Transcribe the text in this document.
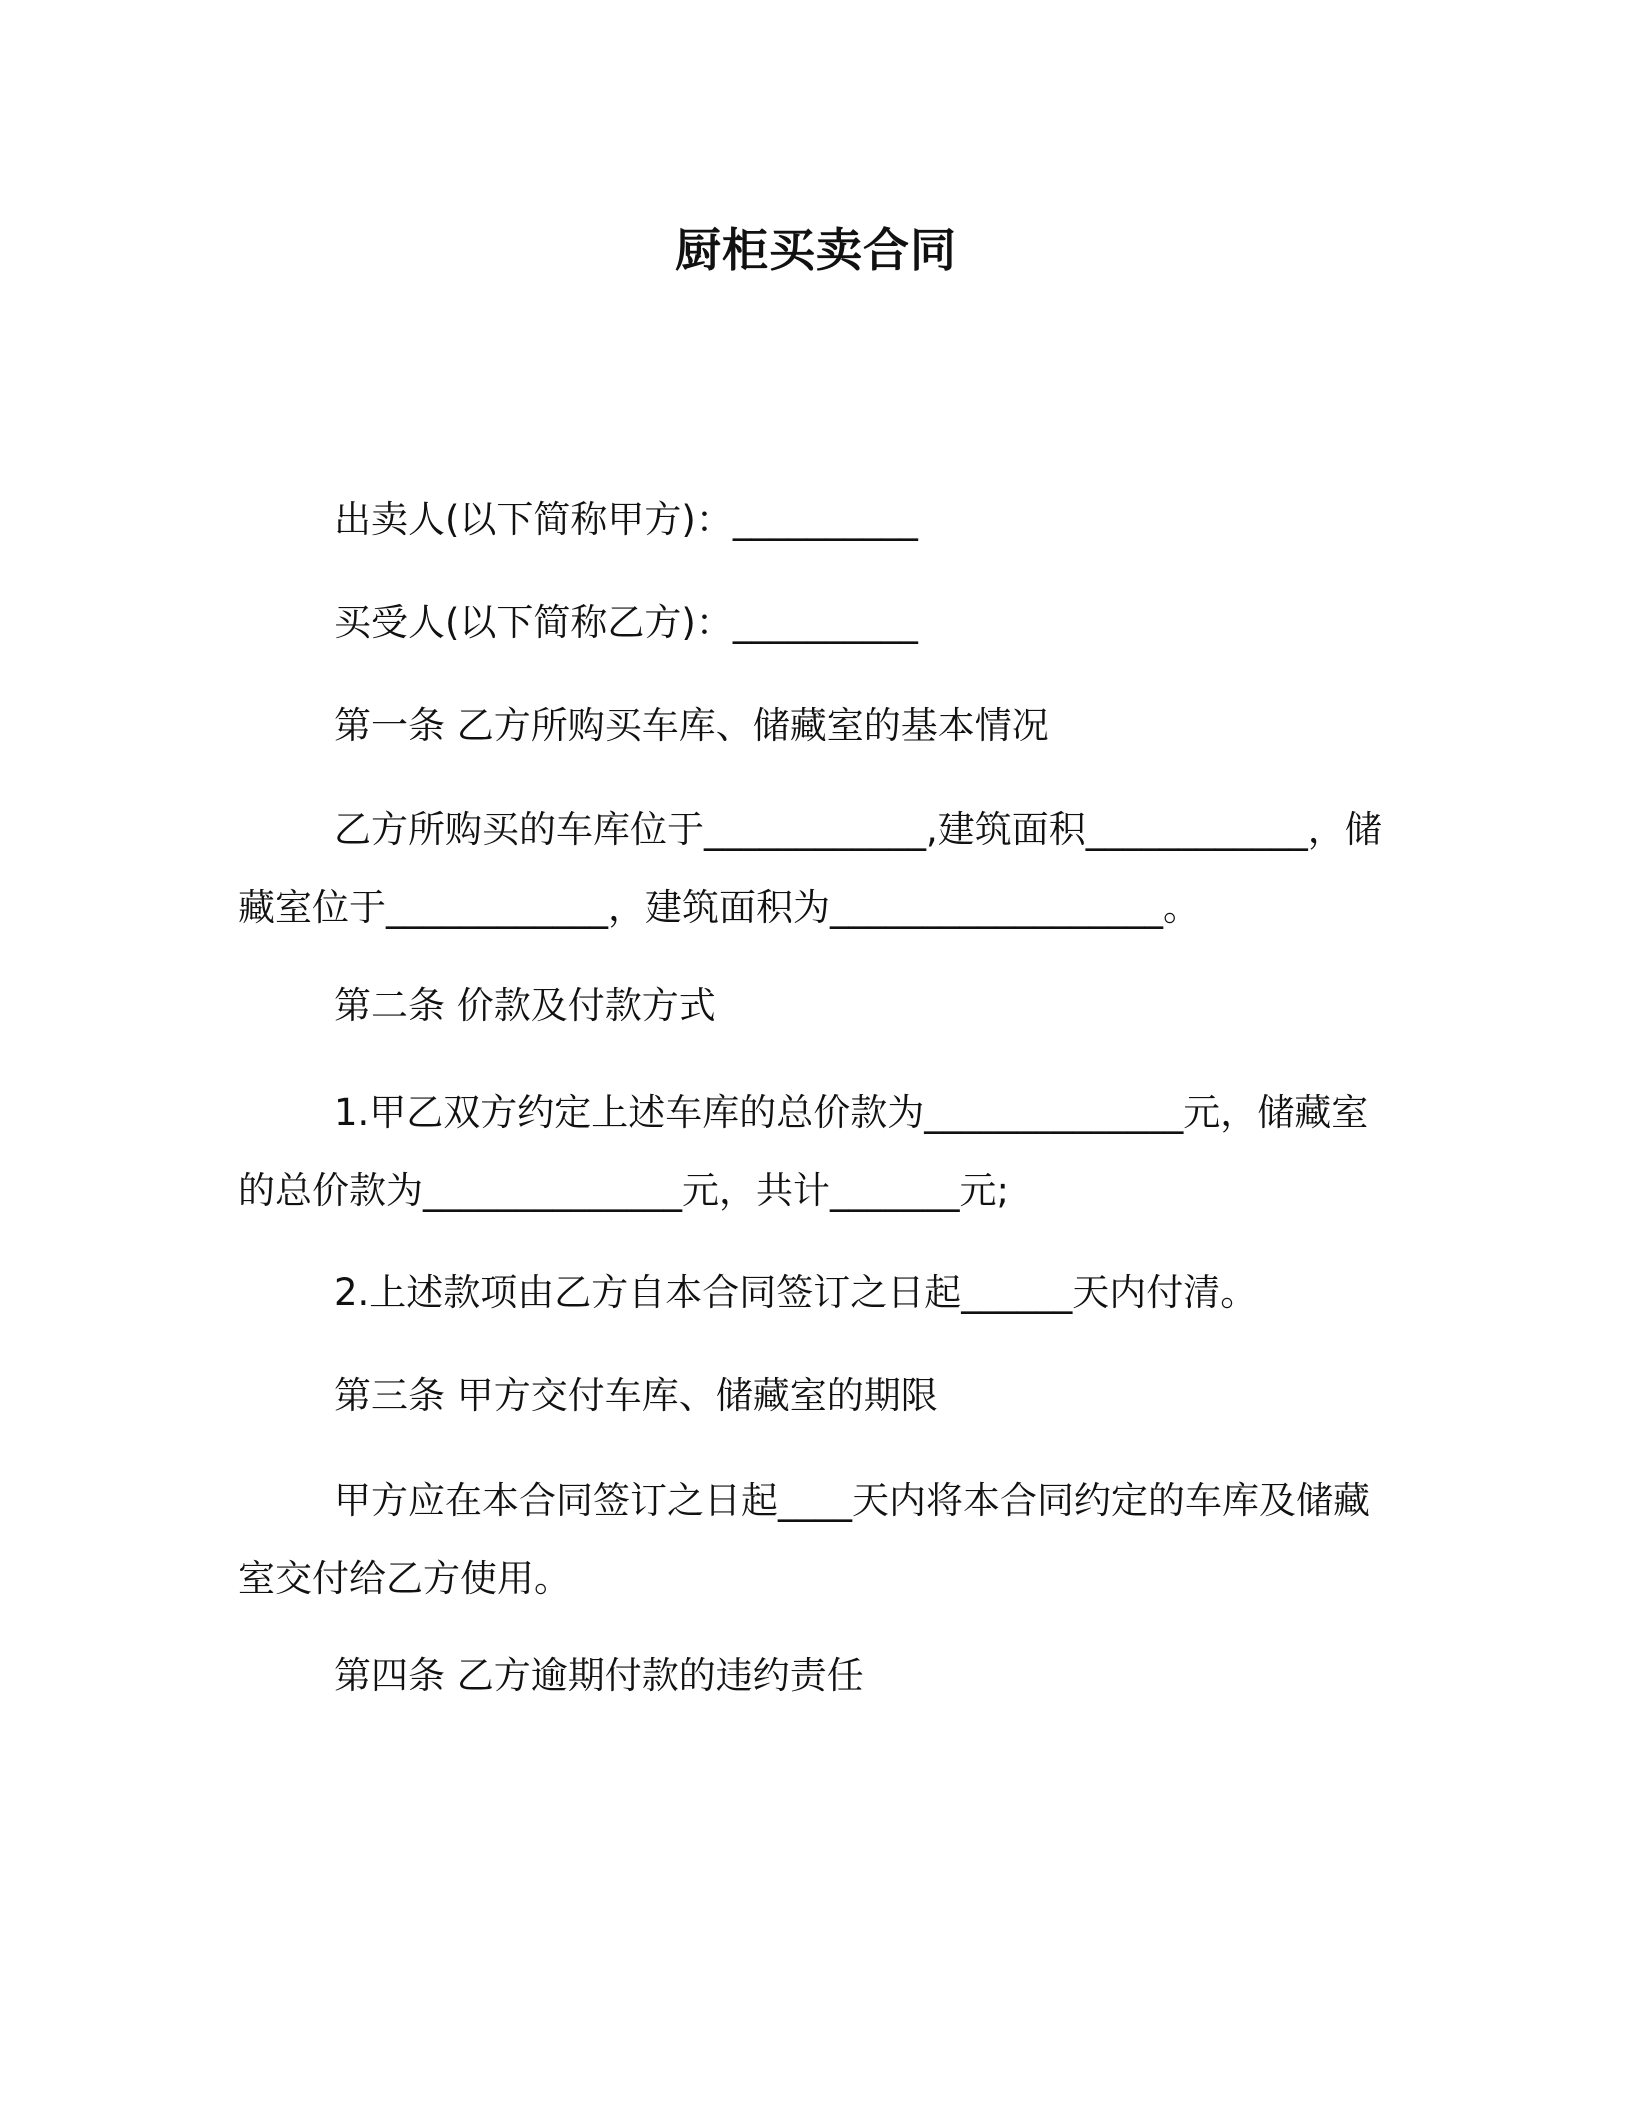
厨柜买卖合同
出卖人(以下简称甲方)：__________
买受人(以下简称乙方)：__________
第一条 乙方所购买车库、储藏室的基本情况
乙方所购买的车库位于____________,建筑面积____________，储藏室位于____________，建筑面积为__________________。
第二条 价款及付款方式
1.甲乙双方约定上述车库的总价款为______________元，储藏室的总价款为______________元，共计_______元;
2.上述款项由乙方自本合同签订之日起______天内付清。
第三条 甲方交付车库、储藏室的期限
甲方应在本合同签订之日起____天内将本合同约定的车库及储藏室交付给乙方使用。
第四条 乙方逾期付款的违约责任
